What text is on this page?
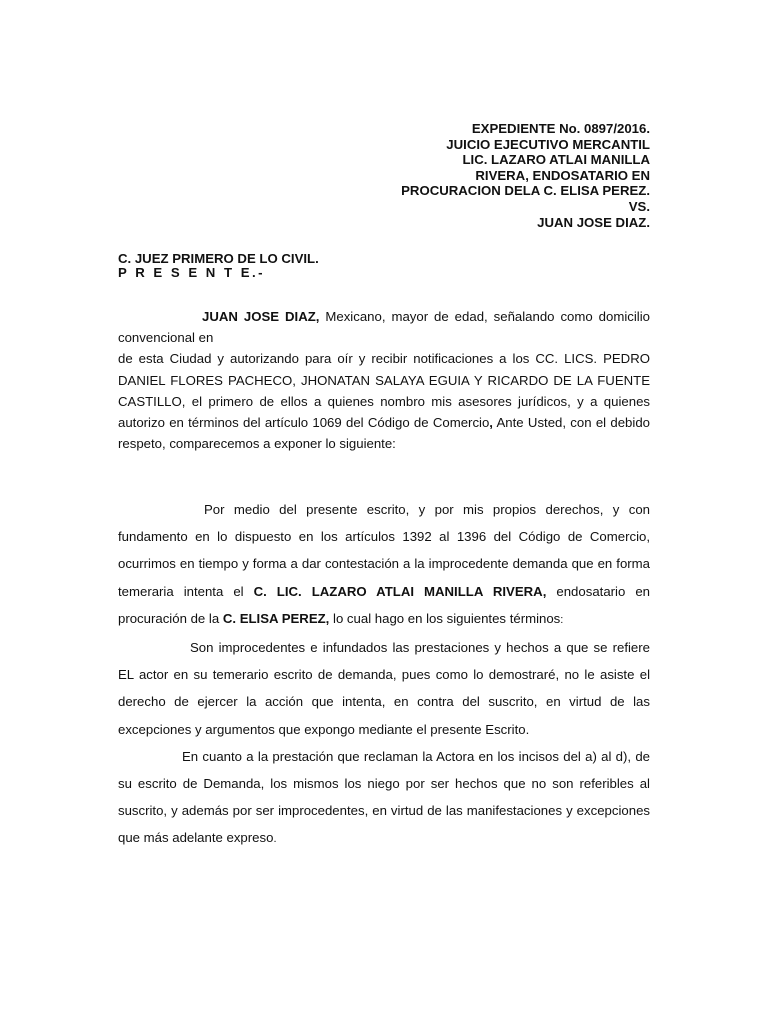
EXPEDIENTE No. 0897/2016.
JUICIO EJECUTIVO MERCANTIL
LIC. LAZARO ATLAI MANILLA
RIVERA, ENDOSATARIO EN
PROCURACION DELA C. ELISA PEREZ.
VS.
JUAN JOSE DIAZ.
C. JUEZ PRIMERO DE LO CIVIL.
P R E S E N T E.-

JUAN JOSE DIAZ, Mexicano, mayor de edad, señalando como domicilio convencional en

de esta Ciudad y autorizando para oír y recibir notificaciones a los CC. LICS. PEDRO DANIEL FLORES PACHECO, JHONATAN SALAYA EGUIA Y RICARDO DE LA FUENTE CASTILLO, el primero de ellos a quienes nombro mis asesores jurídicos, y a quienes autorizo en términos del artículo 1069 del Código de Comercio, Ante Usted, con el debido respeto, comparecemos a exponer lo siguiente:

Por medio del presente escrito, y por mis propios derechos, y con fundamento en lo dispuesto en los artículos 1392 al 1396 del Código de Comercio, ocurrimos en tiempo y forma a dar contestación a la improcedente demanda que en forma temeraria intenta el C. LIC. LAZARO ATLAI MANILLA RIVERA, endosatario en procuración de la C. ELISA PEREZ, lo cual hago en los siguientes términos:

Son improcedentes e infundados las prestaciones y hechos a que se refiere EL actor en su temerario escrito de demanda, pues como lo demostraré, no le asiste el derecho de ejercer la acción que intenta, en contra del suscrito, en virtud de las excepciones y argumentos que expongo mediante el presente Escrito.

En cuanto a la prestación que reclaman la Actora en los incisos del a) al d), de su escrito de Demanda, los mismos los niego por ser hechos que no son referibles al suscrito, y además por ser improcedentes, en virtud de las manifestaciones y excepciones que más adelante expreso.
